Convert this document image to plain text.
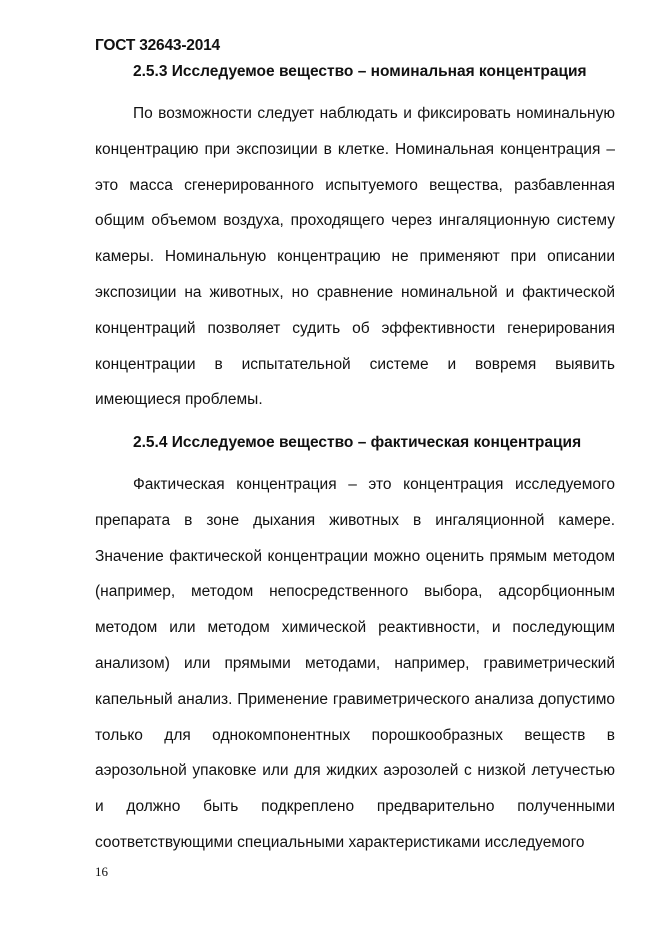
ГОСТ 32643-2014
2.5.3 Исследуемое вещество – номинальная концентрация

По возможности следует наблюдать и фиксировать номинальную концентрацию при экспозиции в клетке. Номинальная концентрация – это масса сгенерированного испытуемого вещества, разбавленная общим объемом воздуха, проходящего через ингаляционную систему камеры. Номинальную концентрацию не применяют при описании экспозиции на животных, но сравнение номинальной и фактической концентраций позволяет судить об эффективности генерирования концентрации в испытательной системе и вовремя выявить имеющиеся проблемы.

2.5.4 Исследуемое вещество – фактическая концентрация

Фактическая концентрация – это концентрация исследуемого препарата в зоне дыхания животных в ингаляционной камере. Значение фактической концентрации можно оценить прямым методом (например, методом непосредственного выбора, адсорбционным методом или методом химической реактивности, и последующим анализом) или прямыми методами, например, гравиметрический капельный анализ. Применение гравиметрического анализа допустимо только для однокомпонентных порошкообразных веществ в аэрозольной упаковке или для жидких аэрозолей с низкой летучестью и должно быть подкреплено предварительно полученными соответствующими специальными характеристиками исследуемого

16
